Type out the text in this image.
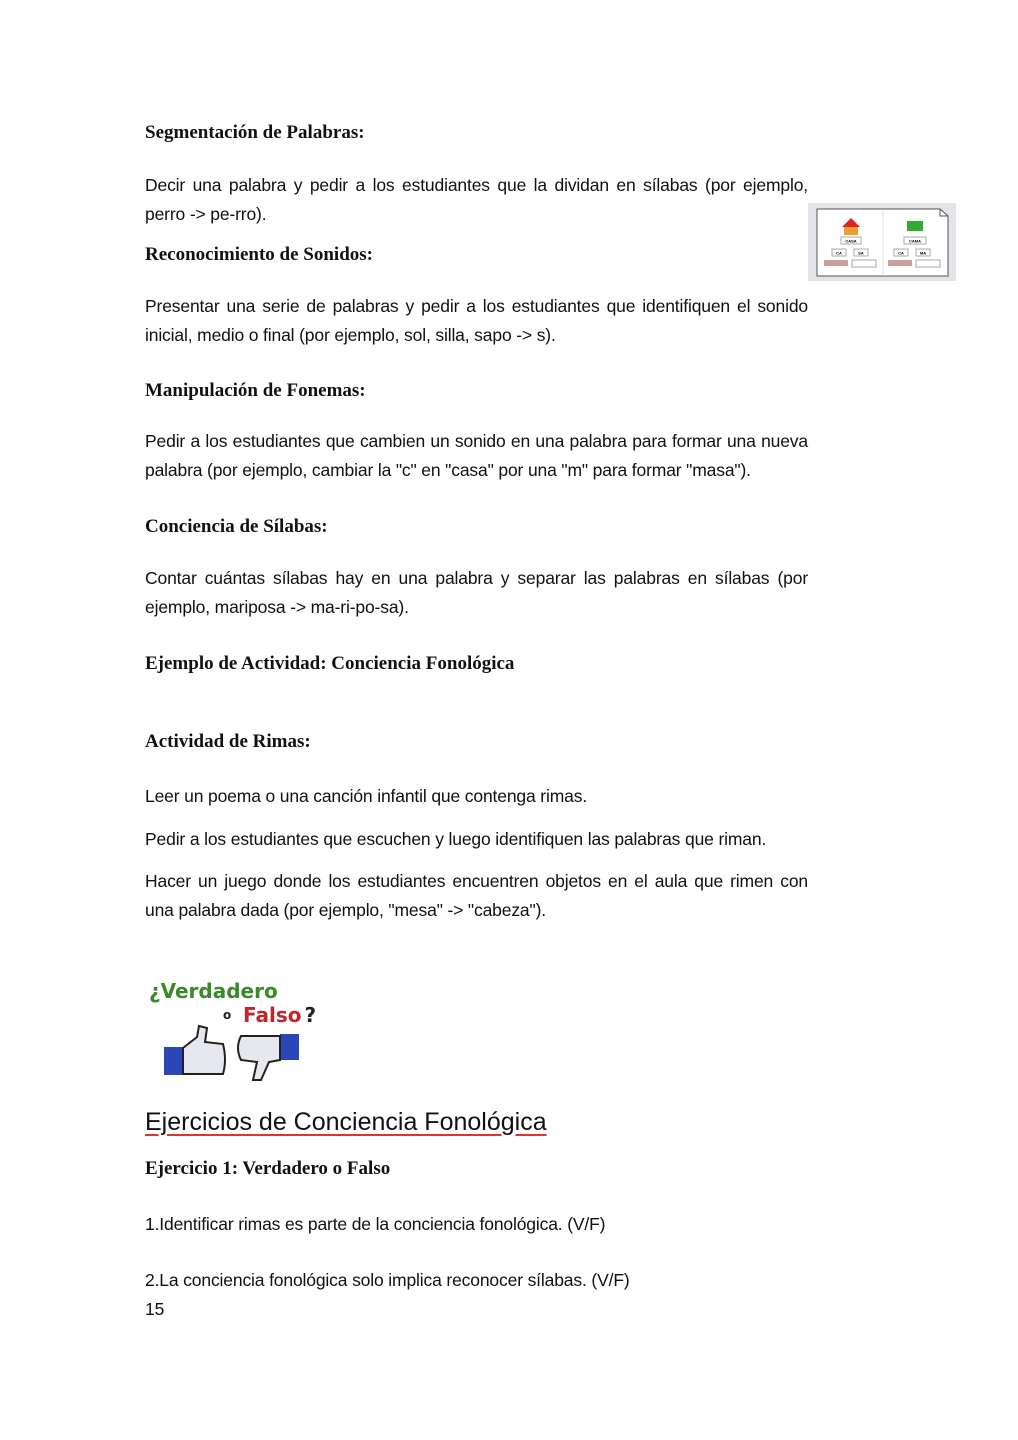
Segmentación de Palabras:
Decir una palabra y pedir a los estudiantes que la dividan en sílabas (por ejemplo, perro -> pe-rro).
Reconocimiento de Sonidos:
Presentar una serie de palabras y pedir a los estudiantes que identifiquen el sonido inicial, medio o final (por ejemplo, sol, silla, sapo -> s).
Manipulación de Fonemas:
Pedir a los estudiantes que cambien un sonido en una palabra para formar una nueva palabra (por ejemplo, cambiar la "c" en "casa" por una "m" para formar "masa").
Conciencia de Sílabas:
Contar cuántas sílabas hay en una palabra y separar las palabras en sílabas (por ejemplo, mariposa -> ma-ri-po-sa).
Ejemplo de Actividad: Conciencia Fonológica
Actividad de Rimas:
Leer un poema o una canción infantil que contenga rimas.
Pedir a los estudiantes que escuchen y luego identifiquen las palabras que riman.
Hacer un juego donde los estudiantes encuentren objetos en el aula que rimen con una palabra dada (por ejemplo, "mesa" -> "cabeza").
CASA	CAMA
CA	SA	CA	MA
¿Verdadero
o Falso ?
Ejercicios de Conciencia Fonológica
Ejercicio 1: Verdadero o Falso
1.Identificar rimas es parte de la conciencia fonológica. (V/F)
2.La conciencia fonológica solo implica reconocer sílabas. (V/F)
15
